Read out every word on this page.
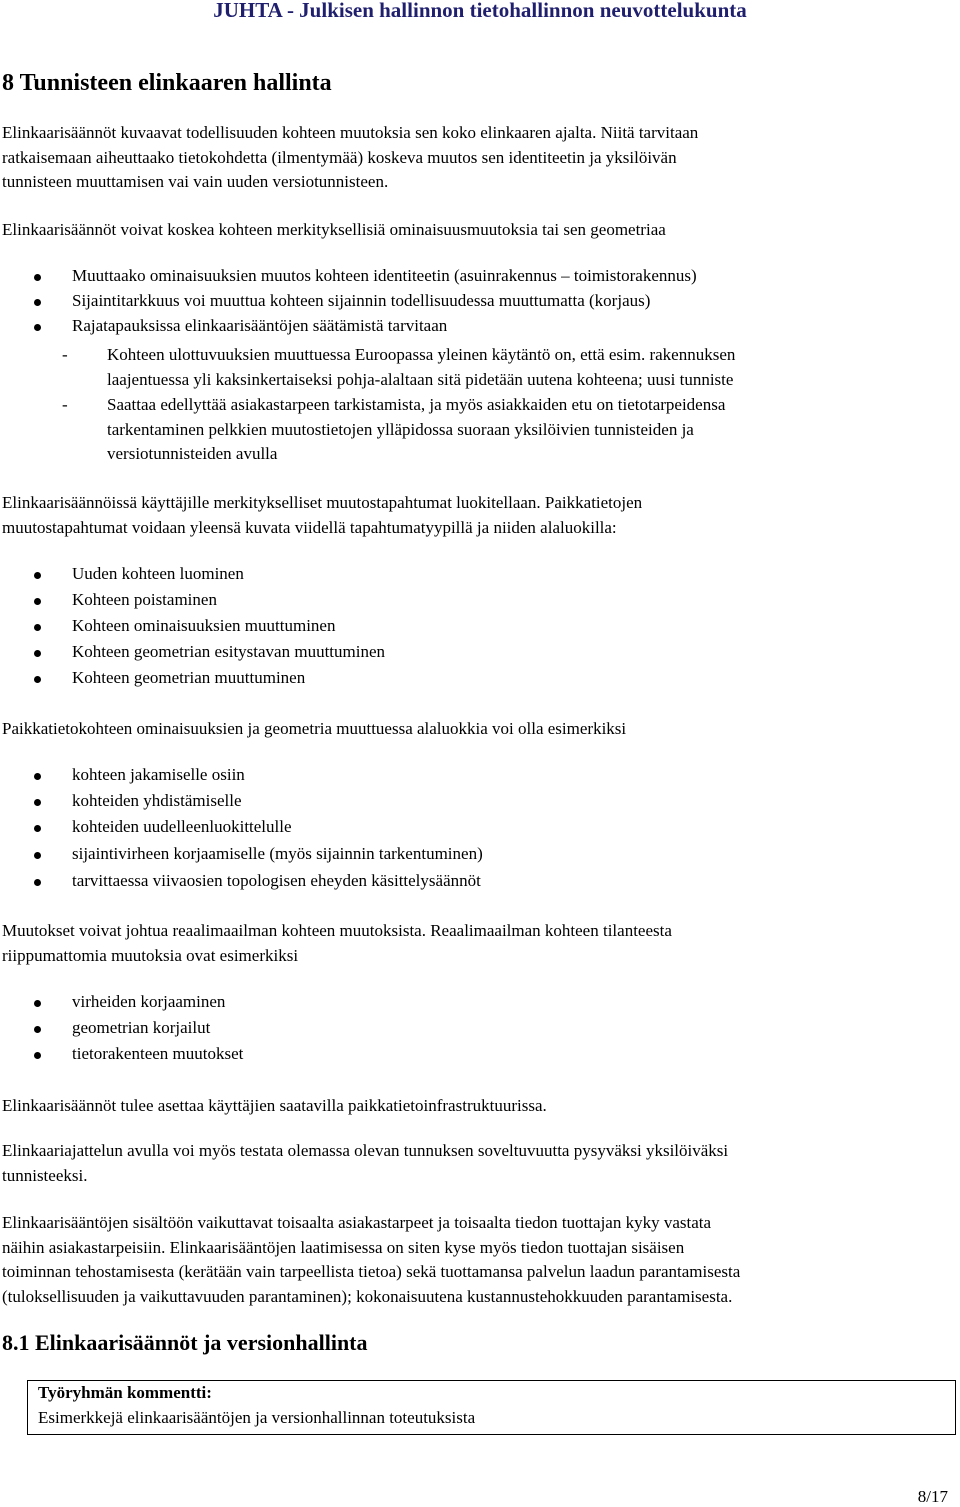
JUHTA - Julkisen hallinnon tietohallinnon neuvottelukunta
8 Tunnisteen elinkaaren hallinta
Elinkaarisäännöt kuvaavat todellisuuden kohteen muutoksia sen koko elinkaaren ajalta. Niitä tarvitaan
ratkaisemaan aiheuttaako tietokohdetta (ilmentymää) koskeva muutos sen identiteetin ja yksilöivän
tunnisteen muuttamisen vai vain uuden versiotunnisteen.
Elinkaarisäännöt voivat koskea kohteen merkityksellisiä ominaisuusmuutoksia tai sen geometriaa
Muuttaako ominaisuuksien muutos kohteen identiteetin (asuinrakennus – toimistorakennus)
Sijaintitarkkuus voi muuttua kohteen sijainnin todellisuudessa muuttumatta (korjaus)
Rajatapauksissa elinkaarisääntöjen säätämistä tarvitaan
- Kohteen ulottuvuuksien muuttuessa Euroopassa yleinen käytäntö on, että esim. rakennuksen
laajentuessa yli kaksinkertaiseksi pohja-alaltaan sitä pidetään uutena kohteena; uusi tunniste
- Saattaa edellyttää asiakastarpeen tarkistamista, ja myös asiakkaiden etu on tietotarpeidensa
tarkentaminen pelkkien muutostietojen ylläpidossa suoraan yksilöivien tunnisteiden ja
versiotunnisteiden avulla
Elinkaarisäännöissä käyttäjille merkitykselliset muutostapahtumat luokitellaan. Paikkatietojen
muutostapahtumat voidaan yleensä kuvata viidellä tapahtumatyypillä ja niiden alaluokilla:
Uuden kohteen luominen
Kohteen poistaminen
Kohteen ominaisuuksien muuttuminen
Kohteen geometrian esitystavan muuttuminen
Kohteen geometrian muuttuminen
Paikkatietokohteen ominaisuuksien ja geometria muuttuessa alaluokkia voi olla esimerkiksi
kohteen jakamiselle osiin
kohteiden yhdistämiselle
kohteiden uudelleenluokittelulle
sijaintivirheen korjaamiselle (myös sijainnin tarkentuminen)
tarvittaessa viivaosien topologisen eheyden käsittelysäännöt
Muutokset voivat johtua reaalimaailman kohteen muutoksista. Reaalimaailman kohteen tilanteesta
riippumattomia muutoksia ovat esimerkiksi
virheiden korjaaminen
geometrian korjailut
tietorakenteen muutokset
Elinkaarisäännöt tulee asettaa käyttäjien saatavilla paikkatietoinfrastruktuurissa.
Elinkaariajattelun avulla voi myös testata olemassa olevan tunnuksen soveltuvuutta pysyväksi yksilöiväksi
tunnisteeksi.
Elinkaarisääntöjen sisältöön vaikuttavat toisaalta asiakastarpeet ja toisaalta tiedon tuottajan kyky vastata
näihin asiakastarpeisiin. Elinkaarisääntöjen laatimisessa on siten kyse myös tiedon tuottajan sisäisen
toiminnan tehostamisesta (kerätään vain tarpeellista tietoa) sekä tuottamansa palvelun laadun parantamisesta
(tuloksellisuuden ja vaikuttavuuden parantaminen); kokonaisuutena kustannustehokkuuden parantamisesta.
8.1 Elinkaarisäännöt ja versionhallinta
Työryhmän kommentti:
Esimerkkejä elinkaarisääntöjen ja versionhallinnan toteutuksista
8/17
